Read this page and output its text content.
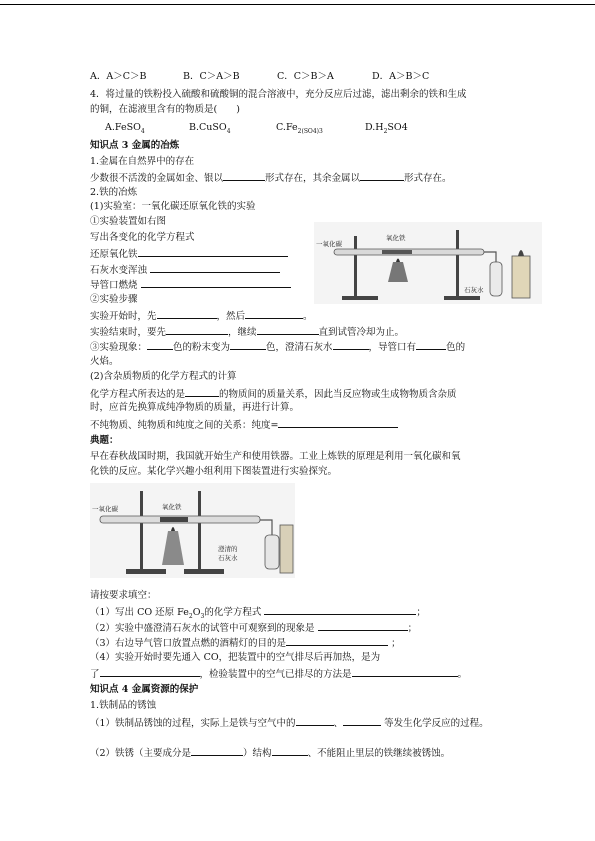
A．A＞C＞B	B．C＞A＞B	C．C＞B＞A	D．A＞B＞C
4．将过量的铁粉投入硫酸和硫酸铜的混合溶液中，充分反应后过滤，滤出剩余的铁和生成
的铜，在滤液里含有的物质是(　　)
A.FeSO$_4$	B.CuSO$_4$	$C.Fe_{2(SO4)3}$	$D.H_2SO4$
知识点 3 金属的冶炼
1.金属在自然界中的存在
少数很不活泼的金属如金、银以	形式存在，其余金属以	形式存在。
2.铁的冶炼
(1)实验室：一氧化碳还原氧化铁的实验
①实验装置如右图
写出各变化的化学方程式
还原氧化铁
石灰水变浑浊
导管口燃烧
一氧化碳
氧化铁
石灰水
②实验步骤
实验开始时，先	，然后	。
实验结束时，要先	，继续	直到试管冷却为止。
③实验现象：	色的粉末变为	色，澄清石灰水	，导管口有	色的
火焰。
(2)含杂质物质的化学方程式的计算
化学方程式所表达的是	的物质间的质量关系，因此当反应物或生成物物质含杂质
时，应首先换算成纯净物质的质量，再进行计算。
不纯物质、纯物质和纯度之间的关系：纯度=
典题：
早在春秋战国时期，我国就开始生产和使用铁器。工业上炼铁的原理是利用一氧化碳和氧
化铁的反应。某化学兴趣小组利用下图装置进行实验探究。
一氧化碳	氧化铁
澄清的
石灰水
请按要求填空：
（1）写出 CO 还原 $Fe_2O_3$的化学方程式	；
（2）实验中盛澄清石灰水的试管中可观察到的现象是	；
（3）右边导气管口放置点燃的酒精灯的目的是	；
（4）实验开始时要先通入 CO，把装置中的空气排尽后再加热，是为
了	，检验装置中的空气已排尽的方法是	。
知识点 4 金属资源的保护
1.铁制品的锈蚀
（1）铁制品锈蚀的过程，实际上是铁与空气中的	、	等发生化学反应的过程。
（2）铁锈（主要成分是	）结构	、不能阻止里层的铁继续被锈蚀。
